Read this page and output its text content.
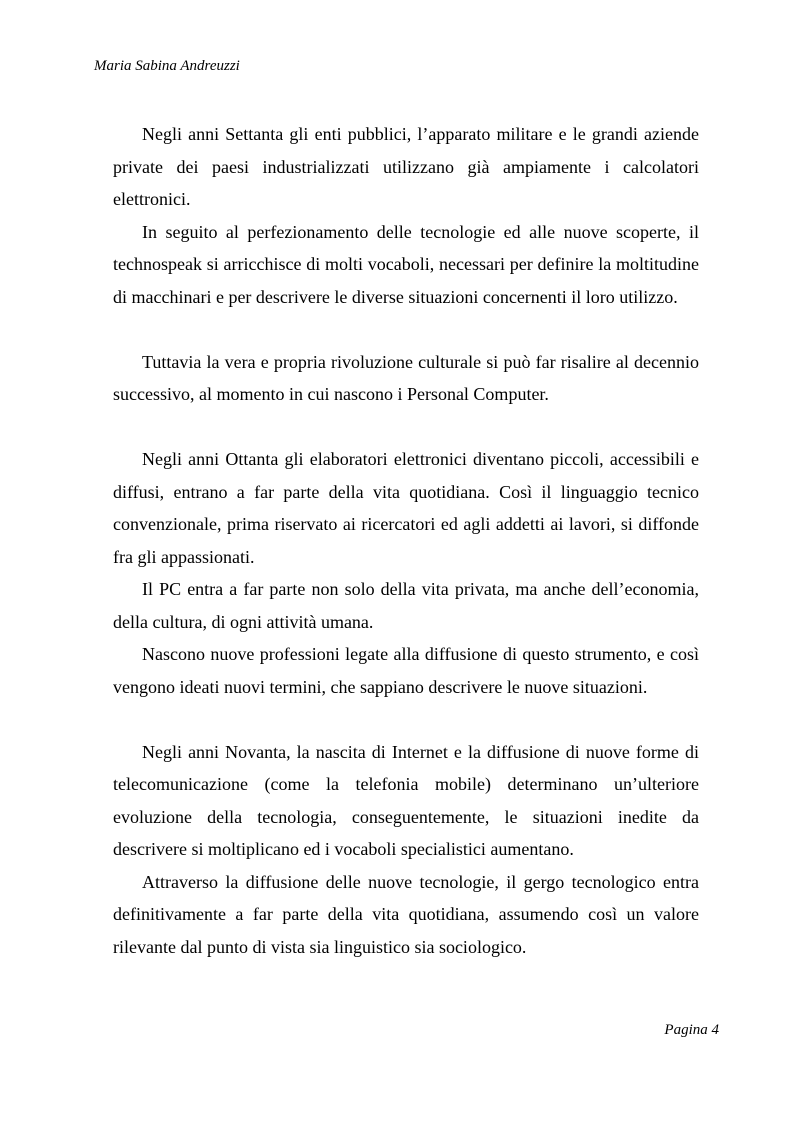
Maria Sabina Andreuzzi

Negli anni Settanta gli enti pubblici, l’apparato militare e le grandi aziende private dei paesi industrializzati utilizzano già ampiamente i calcolatori elettronici.

In seguito al perfezionamento delle tecnologie ed alle nuove scoperte, il technospeak si arricchisce di molti vocaboli, necessari per definire la moltitudine di macchinari e per descrivere le diverse situazioni concernenti il loro utilizzo.

Tuttavia la vera e propria rivoluzione culturale si può far risalire al decennio successivo, al momento in cui nascono i Personal Computer.

Negli anni Ottanta gli elaboratori elettronici diventano piccoli, accessibili e diffusi, entrano a far parte della vita quotidiana. Così il linguaggio tecnico convenzionale, prima riservato ai ricercatori ed agli addetti ai lavori, si diffonde fra gli appassionati.

Il PC entra a far parte non solo della vita privata, ma anche dell’economia, della cultura, di ogni attività umana.

Nascono nuove professioni legate alla diffusione di questo strumento, e così vengono ideati nuovi termini, che sappiano descrivere le nuove situazioni.

Negli anni Novanta, la nascita di Internet e la diffusione di nuove forme di telecomunicazione (come la telefonia mobile) determinano un’ulteriore evoluzione della tecnologia, conseguentemente, le situazioni inedite da descrivere si moltiplicano ed i vocaboli specialistici aumentano.

Attraverso la diffusione delle nuove tecnologie, il gergo tecnologico entra definitivamente a far parte della vita quotidiana, assumendo così un valore rilevante dal punto di vista sia linguistico sia sociologico.

Pagina 4
